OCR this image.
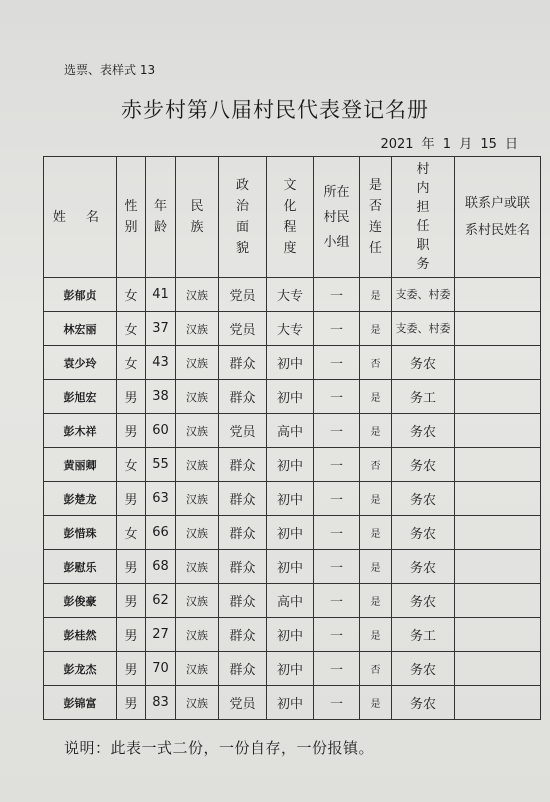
选票、表样式 13
赤步村第八届村民代表登记名册
2021 年 1 月 15 日
姓 名	性别	年龄	民族	政治面貌	文化程度	所在村民小组	是否连任	村内担任职务	联系户或联系村民姓名
彭郁贞	女	41	汉族	党员	大专	一	是	支委、村委	
林宏丽	女	37	汉族	党员	大专	一	是	支委、村委	
袁少玲	女	43	汉族	群众	初中	一	否	务农	
彭旭宏	男	38	汉族	群众	初中	一	是	务工	
彭木祥	男	60	汉族	党员	高中	一	是	务农	
黄丽卿	女	55	汉族	群众	初中	一	否	务农	
彭楚龙	男	63	汉族	群众	初中	一	是	务农	
彭惜珠	女	66	汉族	群众	初中	一	是	务农	
彭慰乐	男	68	汉族	群众	初中	一	是	务农	
彭俊豪	男	62	汉族	群众	高中	一	是	务农	
彭桂然	男	27	汉族	群众	初中	一	是	务工	
彭龙杰	男	70	汉族	群众	初中	一	否	务农	
彭锦富	男	83	汉族	党员	初中	一	是	务农	
说明：此表一式二份，一份自存，一份报镇。
